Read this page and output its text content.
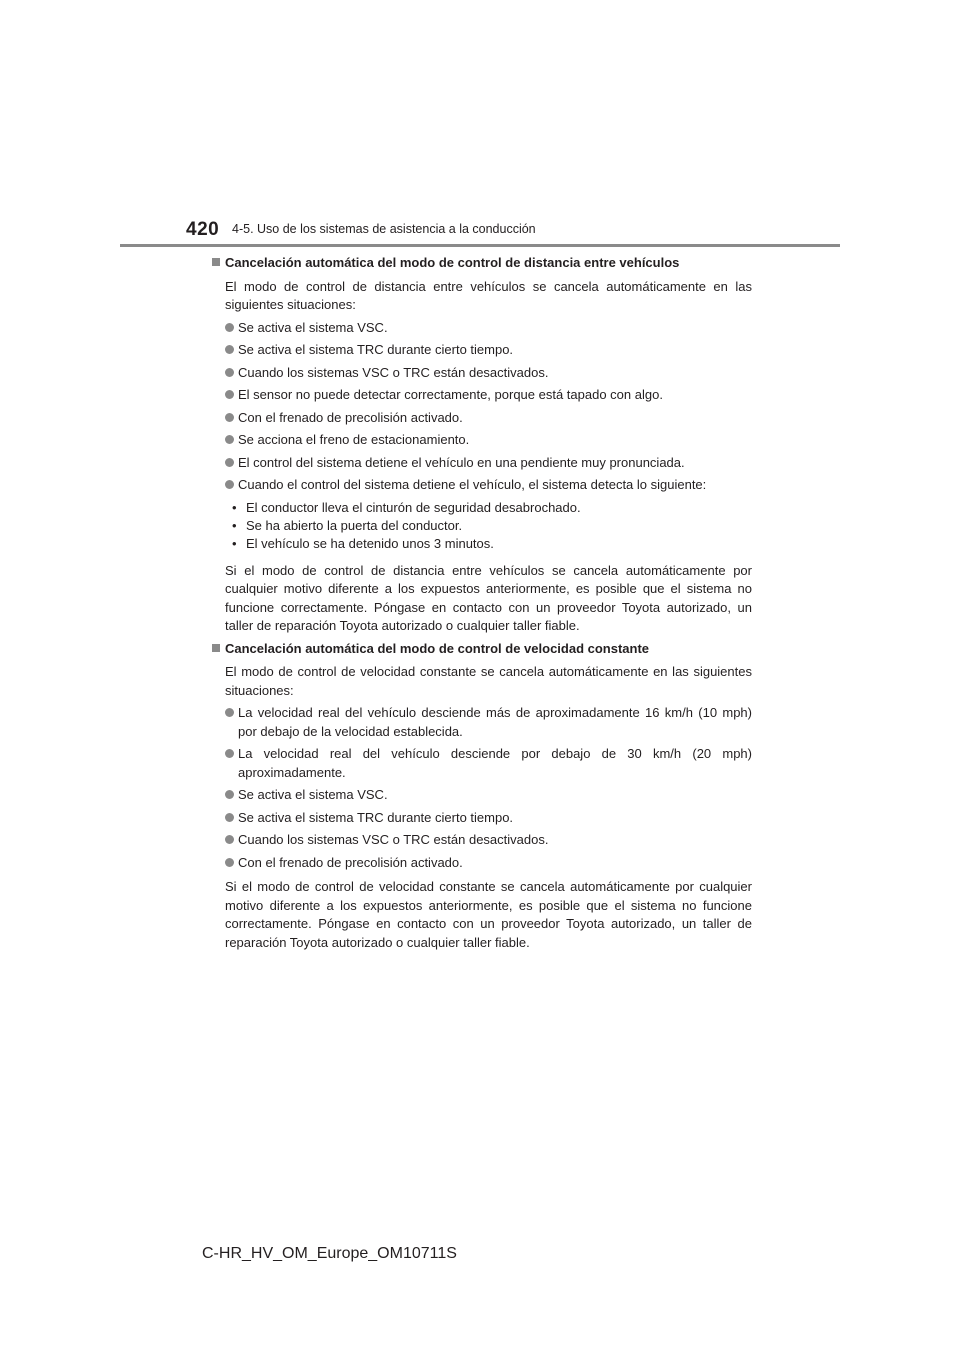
420 4-5. Uso de los sistemas de asistencia a la conducción
Cancelación automática del modo de control de distancia entre vehículos

El modo de control de distancia entre vehículos se cancela automáticamente en las siguientes situaciones:

Se activa el sistema VSC.
Se activa el sistema TRC durante cierto tiempo.
Cuando los sistemas VSC o TRC están desactivados.
El sensor no puede detectar correctamente, porque está tapado con algo.
Con el frenado de precolisión activado.
Se acciona el freno de estacionamiento.
El control del sistema detiene el vehículo en una pendiente muy pronunciada.
Cuando el control del sistema detiene el vehículo, el sistema detecta lo siguiente:
• El conductor lleva el cinturón de seguridad desabrochado.
• Se ha abierto la puerta del conductor.
• El vehículo se ha detenido unos 3 minutos.

Si el modo de control de distancia entre vehículos se cancela automáticamente por cualquier motivo diferente a los expuestos anteriormente, es posible que el sistema no funcione correctamente. Póngase en contacto con un proveedor Toyota autorizado, un taller de reparación Toyota autorizado o cualquier taller fiable.

Cancelación automática del modo de control de velocidad constante

El modo de control de velocidad constante se cancela automáticamente en las siguientes situaciones:

La velocidad real del vehículo desciende más de aproximadamente 16 km/h (10 mph) por debajo de la velocidad establecida.
La velocidad real del vehículo desciende por debajo de 30 km/h (20 mph) aproximadamente.
Se activa el sistema VSC.
Se activa el sistema TRC durante cierto tiempo.
Cuando los sistemas VSC o TRC están desactivados.
Con el frenado de precolisión activado.

Si el modo de control de velocidad constante se cancela automáticamente por cualquier motivo diferente a los expuestos anteriormente, es posible que el sistema no funcione correctamente. Póngase en contacto con un proveedor Toyota autorizado, un taller de reparación Toyota autorizado o cualquier taller fiable.

C-HR_HV_OM_Europe_OM10711S
